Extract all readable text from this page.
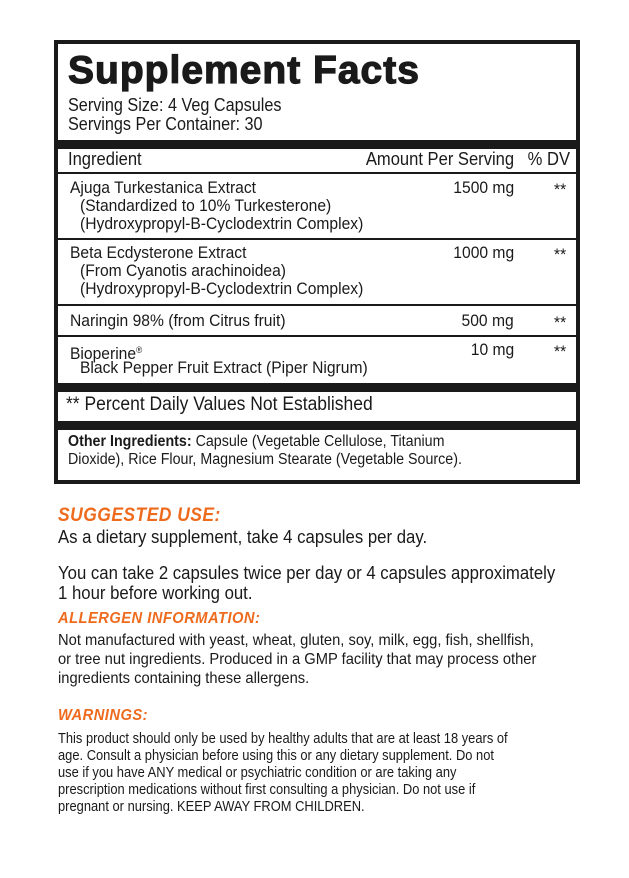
Supplement Facts
Serving Size: 4 Veg Capsules
Servings Per Container: 30
Ingredient	Amount Per Serving % DV
Ajuga Turkestanica Extract
(Standardized to 10% Turkesterone)
(Hydroxypropyl-B-Cyclodextrin Complex)
1500 mg **
Beta Ecdysterone Extract
(From Cyanotis arachinoidea)
(Hydroxypropyl-B-Cyclodextrin Complex)
1000 mg **
Naringin 98% (from Citrus fruit)	500 mg **
Bioperine®
Black Pepper Fruit Extract (Piper Nigrum)
10 mg **
** Percent Daily Values Not Established
Other Ingredients: Capsule (Vegetable Cellulose, Titanium
Dioxide), Rice Flour, Magnesium Stearate (Vegetable Source).
SUGGESTED USE:
As a dietary supplement, take 4 capsules per day.
You can take 2 capsules twice per day or 4 capsules approximately
1 hour before working out.
ALLERGEN INFORMATION:
Not manufactured with yeast, wheat, gluten, soy, milk, egg, fish, shellfish,
or tree nut ingredients. Produced in a GMP facility that may process other
ingredients containing these allergens.
WARNINGS:
This product should only be used by healthy adults that are at least 18 years of
age. Consult a physician before using this or any dietary supplement. Do not
use if you have ANY medical or psychiatric condition or are taking any
prescription medications without first consulting a physician. Do not use if
pregnant or nursing. KEEP AWAY FROM CHILDREN.
